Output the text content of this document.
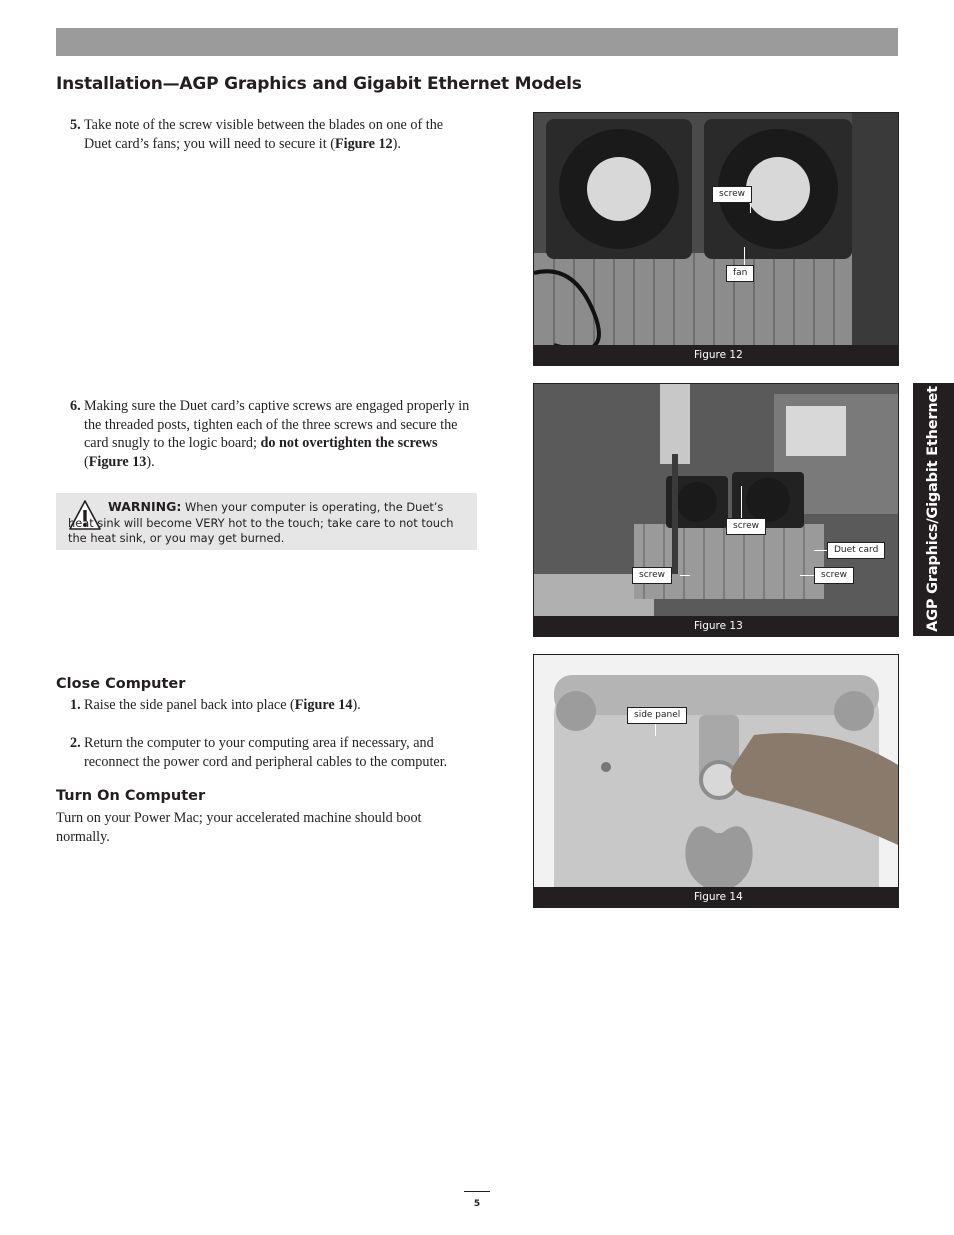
Installation—AGP Graphics and Gigabit Ethernet Models
5. Take note of the screw visible between the blades on one of the Duet card’s fans; you will need to secure it (Figure 12).
6. Making sure the Duet card’s captive screws are engaged properly in the threaded posts, tighten each of the three screws and secure the card snugly to the logic board; do not overtighten the screws (Figure 13).
WARNING: When your computer is operating, the Duet’s heat sink will become VERY hot to the touch; take care to not touch the heat sink, or you may get burned.
Close Computer
1. Raise the side panel back into place (Figure 14).
2. Return the computer to your computing area if necessary, and reconnect the power cord and peripheral cables to the computer.
Turn On Computer
Turn on your Power Mac; your accelerated machine should boot normally.
screw
fan
Figure 12
screw
Duet card
screw	screw
Figure 13
side panel
Figure 14
AGP Graphics/Gigabit Ethernet
5
